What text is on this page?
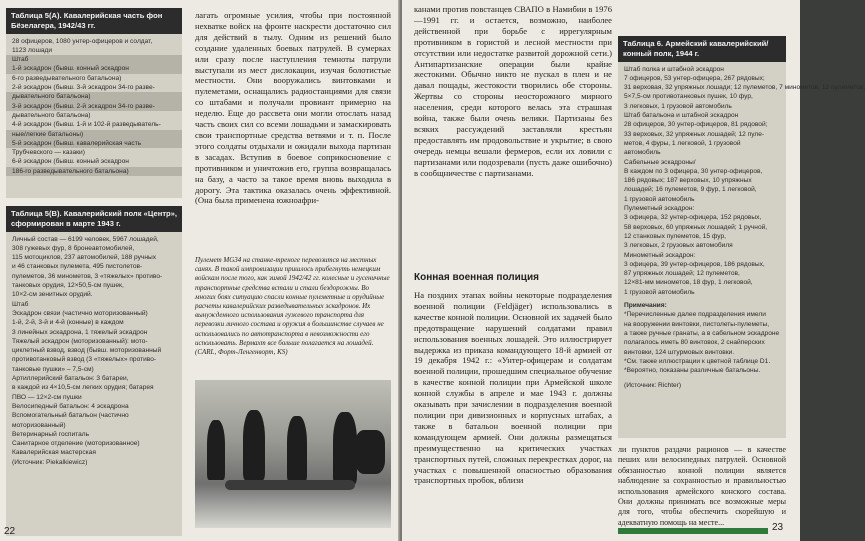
Таблица 5(А). Кавалерийская часть фон Бёзелагера, 1942/43 гг.
28 офицеров, 1080 унтер-офицеров и солдат,
1123 лошади
Штаб
1-й эскадрон (бывш. конный эскадрон
6-го разведывательного батальона)
2-й эскадрон (бывш. 3-й эскадрон 34-го разве-
дывательного батальона)
3-й эскадрон (бывш. 2-й эскадрон 34-го разве-
дывательного батальона)
4-й эскадрон (бывш. 1-й и 102-й разведыватель-
ные/легкие батальоны)
5-й эскадрон (бывш. кавалерийская часть
Трубчевского — казаки)
6-й эскадрон (бывш. конный эскадрон
186-го разведывательного батальона)
Таблица 5(В). Кавалерийский полк «Центр», сформирован в марте 1943 г.
Личный состав — 6199 человек, 5967 лошадей,
308 гужевых фур, 8 бронеавтомобилей,
115 мотоциклов, 237 автомобилей, 188 ручных
и 46 станковых пулемета, 495 пистолетов-
пулеметов, 36 минометов, 3 «тяжелых» противо-
танковых орудия, 12×50,5-см пушек,
10×2-см зенитных орудий.
Штаб
Эскадрон связи (частично моторизованный)
1-й, 2-й, 3-й и 4-й (конные) в каждом
3 линейных эскадрона, 1 тяжелый эскадрон
Тяжелый эскадрон (моторизованный): мото-
циклетный взвод, взвод (бывш. моторизованный
противотанковый взвод (3 «тяжелых» противо-
танковые пушки» – 7,5-см)
Артиллерийский батальон: 3 батареи,
в каждой из 4×10,5-см легких орудия; батарея
ПВО — 12×2-см пушки
Велосипедный батальон: 4 эскадрона
Вспомогательный батальон (частично
моторизованный)
Ветеринарный госпиталь
Санитарное отделение (моторизованное)
Кавалерийская мастерская
(Источник: Piekalkiewicz)

лагать огромные усилия, чтобы при постоянной нехватке войск на фронте наскрести достаточно сил для действий в тылу. Одним из решений было создание удаленных боевых патрулей. В сумерках или сразу после наступления темноты патрули выступали из мест дислокации, изучая болотистые местности. Они вооружались винтовками и пулеметами, оснащались радиостанциями для связи со штабами и получали провиант примерно на неделю. Еще до рассвета они могли отослать назад часть своих сил со всеми лошадьми и замаскировать свои транспортные средства ветвями и т. п. После этого солдаты отдыхали и ожидали выхода партизан в засадах. Вступив в боевое соприкосновение с противником и уничтожив его, группа возвращалась на базу, а часто за такое время вновь выходила в дорогу. Эта тактика оказалась очень эффективной. (Она была применена южноафри-

Пулемет MG34 на станке-треноге перевозится на местных санях. В такой импровизации пришлось прибегнуть немецким войскам после того, как зимой 1942/42 гг. колесные и гусеничные транспортные средства встали и стали бездорожны. Во многих боях ситуацию спасли конные пулеметные и орудийные расчеты кавалерийских разведывательных эскадронов. Их вынужденного использования гужевого транспорта для перевозки личного состава и оружия в большинстве случаев не использовались по автотранспорта в невозможности его использовать. Вермахт все больше полагается на лошадей. (CARL, Форт-Ленгенворт, KS)
22

канами против повстанцев СВАПО в Намибии в 1976—1991 гг. и остается, возможно, наиболее действенной при борьбе с иррегулярным противником в гористой и лесной местности при отсутствии или недостатке развитой дорожной сети.) Антипартизанские операции были крайне жестокими. Обычно никто не пускал в плен и не давал пощады, жестокости творились обе стороны. Жертвы со стороны неосторожного мирного населения, среди которого велась эта страшная война, также были очень велики. Партизаны без всяких рассуждений заставляли крестьян предоставлять им продовольствие и укрытие; в свою очередь немцы вешали фермеров, если их ловили с партизанами или подозревали (пусть даже ошибочно) в сообщничестве с партизанами.

Конная военная полиция

На поздних этапах войны некоторые подразделения военной полиции (Feldjäger) использовались в качестве конной полиции. Основной их задачей было предотвращение нарушений солдатами правил использования военных лошадей. Это иллюстрирует выдержка из приказа командующего 18-й армией от 19 декабря 1942 г.: «Унтер-офицерам и солдатам военной полиции, прошедшим специальное обучение в качестве конной полиции при Армейской школе конной службы в апреле и мае 1943 г. должны оказывать при зачислении в подразделения военной полиции при дивизионных и корпусных штабах, а также в батальон военной полиции при командующем армией. Они должны размещаться преимущественно на критических участках транспортных путей, сложных перекрестках дорог, на участках с повышенной опасностью образования транспортных пробок, вблизи

Таблица 6. Армейский кавалерийский/конный полк, 1944 г.
Штаб полка и штабной эскадрон
7 офицеров, 53 унтер-офицера, 267 рядовых;
31 верховая, 32 упряжных лошади; 12 пулеметов, 7 минометов, 12 пулеметов,
5×7,5-см противотанковых пушек, 10 фур,
3 легковых, 1 грузовой автомобиль
Штаб батальона и штабной эскадрон
28 офицеров, 30 унтер-офицеров, 81 рядовой;
33 верховых, 32 упряжных лошадей; 12 пуле-
метов, 4 фуры, 1 легковой, 1 грузовой
автомобиль
Сабельные эскадроны/
В каждом по 3 офицера, 30 унтер-офицеров,
186 рядовых; 187 верховых, 10 упряжных
лошадей; 16 пулеметов, 9 фур, 1 легковой,
1 грузовой автомобиль
Пулеметный эскадрон:
3 офицера, 32 унтер-офицера, 152 рядовых,
58 верховых, 60 упряжных лошадей; 1 ручной,
12 станковых пулеметов, 15 фур,
3 легковых, 2 грузовых автомобиля
Минометный эскадрон:
3 офицера, 39 унтер-офицеров, 186 рядовых,
87 упряжных лошадей; 12 пулеметов,
12×81-мм минометов, 18 фур, 1 легковой,
1 грузовой автомобиль
Примечания:
*Перечисленные далее подразделения имели
на вооружении винтовки, пистолеты-пулеметы,
а также ручные гранаты, а в сабельном эскадроне
полагалось иметь 80 винтовок, 2 снайперских
винтовки, 124 штурмовых винтовки.
*См. также иллюстрации к цветной таблице D1.
*Вероятно, показаны различные батальоны.
(Источник: Richter)

ли пунктов раздачи рационов — в качестве пеших или велосипедных патрулей. Основной обязанностью конной полиции является наблюдение за сохранностью и правильностью использования армейского конского состава. Они должны принимать все возможные меры для того, чтобы обеспечить скорейшую и адекватную помощь на месте...	23
